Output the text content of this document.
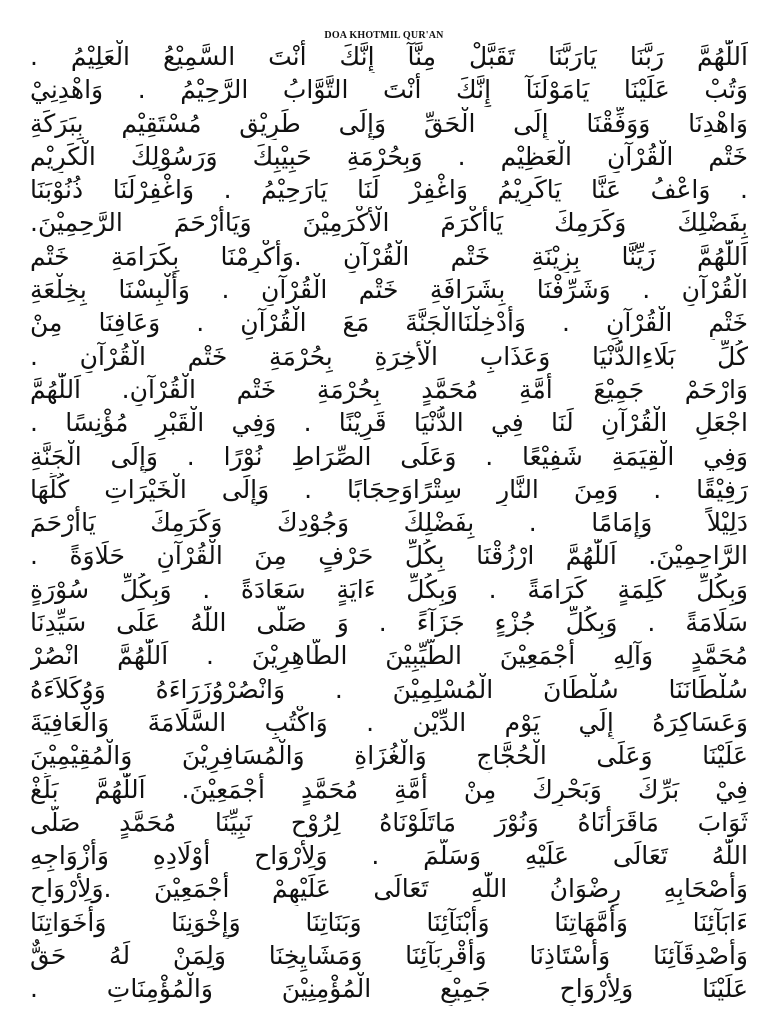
DOA KHOTMIL QUR'AN
اَللّٰهُمَّ رَبَّنَا يَارَبَّنَا تَقَبَّلْ مِنَّآ إِنَّكَ أَنْتَ السَّمِيْعُ الْعَلِيْمُ .
وَتُبْ عَلَيْنَا يَامَوْلَنَآ إِنَّكَ أَنْتَ التَّوَّابُ الرَّحِيْمُ . وَاهْدِنِيْ
وَاهْدِنَا وَوَفِّقْنَا إِلَى الْحَقِّ وَإِلَى طَرِيْقٍ مُسْتَقِيْمٍ بِبَرَكَةِ
خَتْمِ الْقُرْآنِ الْعَظِيْمِ . وَبِحُرْمَةِ حَبِيْبِكَ وَرَسُوْلِكَ الْكَرِيْمِ
. وَاعْفُ عَنَّا يَاكَرِيْمُ وَاغْفِرْ لَنَا يَارَحِيْمُ . وَاغْفِرْلَنَا ذُنُوْبَنَا
بِفَضْلِكَ وَكَرَمِكَ يَاأَكْرَمَ الْأَكْرَمِيْنَ وَيَاأَرْحَمَ الرَّحِمِيْنَ.
اَللّٰهُمَّ زَيِّنَّا بِزِيْنَةِ خَتْمِ الْقُرْآنِ .وَأَكْرِمْنَا بِكَرَامَةِ خَتْمِ
الْقُرْآنِ . وَشَرِّفْنَا بِشَرَافَةِ خَتْمِ الْقُرْآنِ . وَأَلْبِسْنَا بِخِلْعَةِ
خَتْمِ الْقُرْآنِ . وَأَدْخِلْنَاالْجَنَّةَ مَعَ الْقُرْآنِ . وَعَافِنَا مِنْ
كُلِّ بَلَاءِالدُّنْيَا وَعَذَابِ الْأَخِرَةِ بِحُرْمَةِ خَتْمِ الْقُرْآنِ .
وَارْحَمْ جَمِيْعَ أُمَّةِ مُحَمَّدٍ بِحُرْمَةِ خَتْمِ الْقُرْآنِ. اَللّٰهُمَّ
اجْعَلِ الْقُرْآنِ لَنَا فِي الدُّنْيَا قَرِيْنًا . وَفِي الْقَبْرِ مُؤْنِسًا .
وَفِي الْقِيَمَةِ شَفِيْعًا . وَعَلَى الصِّرَاطِ نُوْرًا . وَإِلَى الْجَنَّةِ
رَفِيْقًا . وَمِنَ النَّارِ سِتْرًاوَحِجَابًا . وَإِلَى الْخَيْرَاتِ كُلِّهَا
دَلِيْلاً وَإِمَامًا . بِفَضْلِكَ وَجُوْدِكَ وَكَرَمِكَ يَاأَرْحَمَ
الرَّاحِمِيْنَ. اَللّٰهُمَّ ارْزُقْنَا بِكُلِّ حَرْفٍ مِنَ الْقُرْآنِ حَلَاوَةً .
وَبِكُلِّ كَلِمَةٍ كَرَامَةً . وَبِكُلِّ ءَايَةٍ سَعَادَةً . وَبِكُلِّ سُوْرَةٍ
سَلَامَةً . وَبِكُلِّ جُزْءٍ جَزَآءً . وَ صَلَّى اللّٰهُ عَلَى سَيِّدِنَا
مُحَمَّدٍ وَآلِهِ أَجْمَعِيْنَ الطَّيِّبِيْنَ الطَّاهِرِيْنَ . اَللّٰهُمَّ انْصُرْ
سُلْطَانَنَا سُلْطَانَ الْمُسْلِمِيْنَ . وَانْصُرْوُزَرَاءَهُ وَوُكَلاَءَهُ
وَعَسَاكِرَهُ إِلَي يَوْمِ الدِّيْنِ . وَاكْتُبِ السَّلَامَةَ وَالْعَافِيَةَ
عَلَيْنَا وَعَلَى الْحُجَّاجِ وَالْغُزَاةِ وَالْمُسَافِرِيْنَ وَالْمُقِيْمِيْنَ
فِيْ بَرِّكَ وَبَحْرِكَ مِنْ أُمَّةِ مُحَمَّدٍ أَجْمَعِيْنَ. اَللّٰهُمَّ بَلِّغْ
ثَوَابَ مَاقَرَأْنَاهُ وَنُوْرَ مَاتَلَوْنَاهُ لِرُوْحِ نَبِيِّنَا مُحَمَّدٍ صَلَّى
اللّٰهُ تَعَالَى عَلَيْهِ وَسَلَّمَ . وَلِأَرْوَاحِ أَوْلَادِهِ وَأَزْوَاجِهِ
وَأَصْحَابِهِ رِضْوَانُ اللّٰهِ تَعَالَى عَلَيْهِمْ أَجْمَعِيْنَ .وَلِأَرْوَاحِ
ءَابَآئِنَا وَأُمَّهَاتِنَا وَأَبْنَآئِنَا وَبَنَاتِنَا وَإِخْوَنِنَا وَأَخَوَاتِنَا
وَأَصْدِقَآئِنَا وَأَسْتَاذِنَا وَأَقْرِبَآئِنَا وَمَشَايِخِنَا وَلِمَنْ لَهُ حَقٌّ
عَلَيْنَا وَلِأَرْوَاحِ جَمِيْعِ الْمُؤْمِنِيْنَ وَالْمُؤْمِنَاتِ .
